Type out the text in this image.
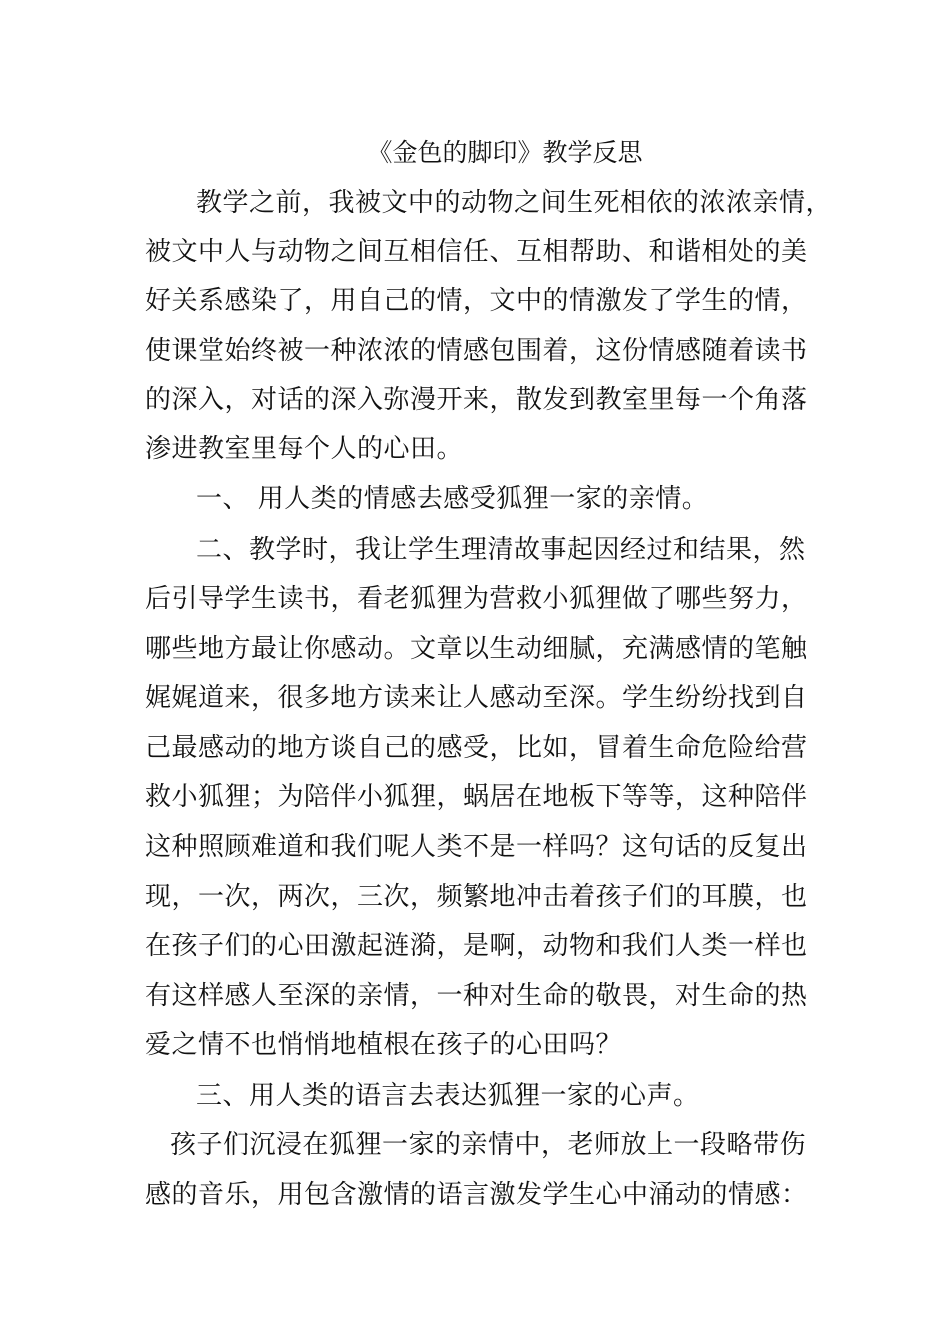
《金色的脚印》教学反思
教学之前，我被文中的动物之间生死相依的浓浓亲情，
被文中人与动物之间互相信任、互相帮助、和谐相处的美
好关系感染了，用自己的情，文中的情激发了学生的情，
使课堂始终被一种浓浓的情感包围着，这份情感随着读书
的深入，对话的深入弥漫开来，散发到教室里每一个角落
渗进教室里每个人的心田。
一、 用人类的情感去感受狐狸一家的亲情。
二、教学时，我让学生理清故事起因经过和结果，然
后引导学生读书，看老狐狸为营救小狐狸做了哪些努力，
哪些地方最让你感动。文章以生动细腻，充满感情的笔触
娓娓道来，很多地方读来让人感动至深。学生纷纷找到自
己最感动的地方谈自己的感受，比如，冒着生命危险给营
救小狐狸；为陪伴小狐狸，蜗居在地板下等等，这种陪伴
这种照顾难道和我们呢人类不是一样吗？这句话的反复出
现，一次，两次，三次，频繁地冲击着孩子们的耳膜，也
在孩子们的心田激起涟漪，是啊，动物和我们人类一样也
有这样感人至深的亲情，一种对生命的敬畏，对生命的热
爱之情不也悄悄地植根在孩子的心田吗？
三、用人类的语言去表达狐狸一家的心声。
孩子们沉浸在狐狸一家的亲情中，老师放上一段略带伤
感的音乐，用包含激情的语言激发学生心中涌动的情感：
